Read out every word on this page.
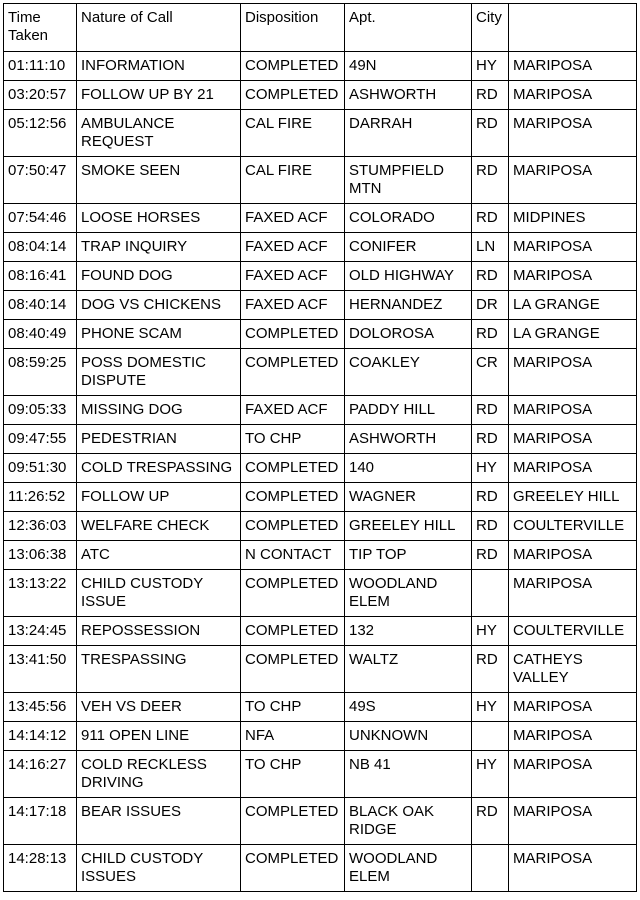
Time Taken	Nature of Call	Disposition	Apt.	City	
01:11:10	INFORMATION	COMPLETED	49N	HY	MARIPOSA
03:20:57	FOLLOW UP BY 21	COMPLETED	ASHWORTH	RD	MARIPOSA
05:12:56	AMBULANCE REQUEST	CAL FIRE	DARRAH	RD	MARIPOSA
07:50:47	SMOKE SEEN	CAL FIRE	STUMPFIELD MTN	RD	MARIPOSA
07:54:46	LOOSE HORSES	FAXED ACF	COLORADO	RD	MIDPINES
08:04:14	TRAP INQUIRY	FAXED ACF	CONIFER	LN	MARIPOSA
08:16:41	FOUND DOG	FAXED ACF	OLD HIGHWAY	RD	MARIPOSA
08:40:14	DOG VS CHICKENS	FAXED ACF	HERNANDEZ	DR	LA GRANGE
08:40:49	PHONE SCAM	COMPLETED	DOLOROSA	RD	LA GRANGE
08:59:25	POSS DOMESTIC DISPUTE	COMPLETED	COAKLEY	CR	MARIPOSA
09:05:33	MISSING DOG	FAXED ACF	PADDY HILL	RD	MARIPOSA
09:47:55	PEDESTRIAN	TO CHP	ASHWORTH	RD	MARIPOSA
09:51:30	COLD TRESPASSING	COMPLETED	140	HY	MARIPOSA
11:26:52	FOLLOW UP	COMPLETED	WAGNER	RD	GREELEY HILL
12:36:03	WELFARE CHECK	COMPLETED	GREELEY HILL	RD	COULTERVILLE
13:06:38	ATC	N CONTACT	TIP TOP	RD	MARIPOSA
13:13:22	CHILD CUSTODY ISSUE	COMPLETED	WOODLAND ELEM		MARIPOSA
13:24:45	REPOSSESSION	COMPLETED	132	HY	COULTERVILLE
13:41:50	TRESPASSING	COMPLETED	WALTZ	RD	CATHEYS VALLEY
13:45:56	VEH VS DEER	TO CHP	49S	HY	MARIPOSA
14:14:12	911 OPEN LINE	NFA	UNKNOWN		MARIPOSA
14:16:27	COLD RECKLESS DRIVING	TO CHP	NB 41	HY	MARIPOSA
14:17:18	BEAR ISSUES	COMPLETED	BLACK OAK RIDGE	RD	MARIPOSA
14:28:13	CHILD CUSTODY ISSUES	COMPLETED	WOODLAND ELEM		MARIPOSA
